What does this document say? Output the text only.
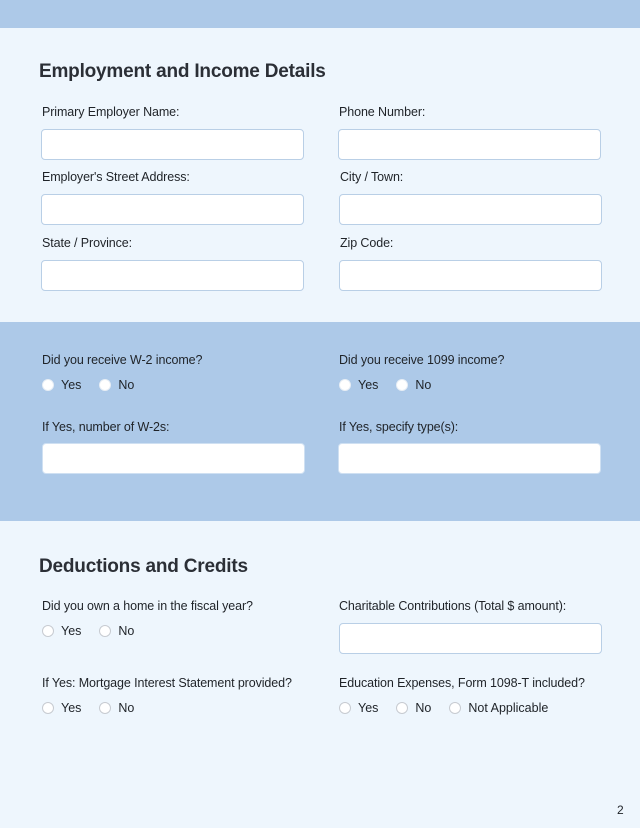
Employment and Income Details
Primary Employer Name:	Phone Number:
Employer's Street Address:	City / Town:
State / Province:	Zip Code:
Did you receive W-2 income?
Yes	No
Did you receive 1099 income?
Yes	No
If Yes, number of W-2s:	If Yes, specify type(s):
Deductions and Credits
Did you own a home in the fiscal year?
Yes	No
Charitable Contributions (Total $ amount):
If Yes: Mortgage Interest Statement provided?
Yes	No
Education Expenses, Form 1098-T included?
Yes	No	Not Applicable
2
